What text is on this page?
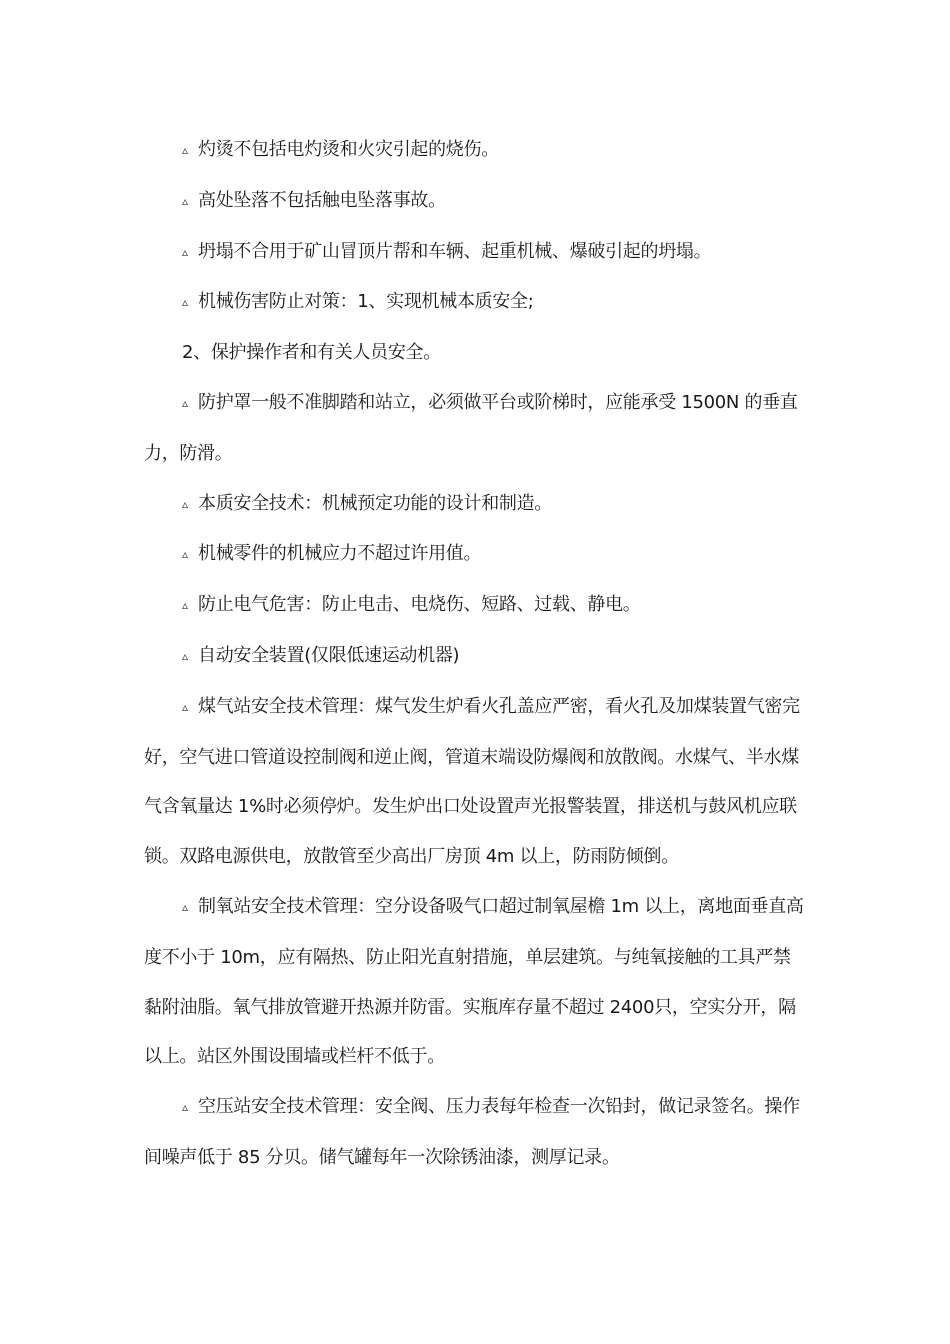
▵ 灼烫不包括电灼烫和火灾引起的烧伤。

▵ 高处坠落不包括触电坠落事故。

▵ 坍塌不合用于矿山冒顶片帮和车辆、起重机械、爆破引起的坍塌。

▵ 机械伤害防止对策：1、实现机械本质安全;

2、保护操作者和有关人员安全。

▵ 防护罩一般不准脚踏和站立，必须做平台或阶梯时，应能承受 1500N 的垂直力，防滑。

▵ 本质安全技术：机械预定功能的设计和制造。

▵ 机械零件的机械应力不超过许用值。

▵ 防止电气危害：防止电击、电烧伤、短路、过载、静电。

▵ 自动安全装置(仅限低速运动机器)

▵ 煤气站安全技术管理：煤气发生炉看火孔盖应严密，看火孔及加煤装置气密完好，空气进口管道设控制阀和逆止阀，管道末端设防爆阀和放散阀。水煤气、半水煤气含氧量达 1%时必须停炉。发生炉出口处设置声光报警装置，排送机与鼓风机应联锁。双路电源供电，放散管至少高出厂房顶 4m 以上，防雨防倾倒。

▵ 制氧站安全技术管理：空分设备吸气口超过制氧屋檐 1m 以上，离地面垂直高度不小于 10m，应有隔热、防止阳光直射措施，单层建筑。与纯氧接触的工具严禁黏附油脂。氧气排放管避开热源并防雷。实瓶库存量不超过 2400只，空实分开，隔以上。站区外围设围墙或栏杆不低于。

▵ 空压站安全技术管理：安全阀、压力表每年检查一次铅封，做记录签名。操作间噪声低于 85 分贝。储气罐每年一次除锈油漆，测厚记录。
